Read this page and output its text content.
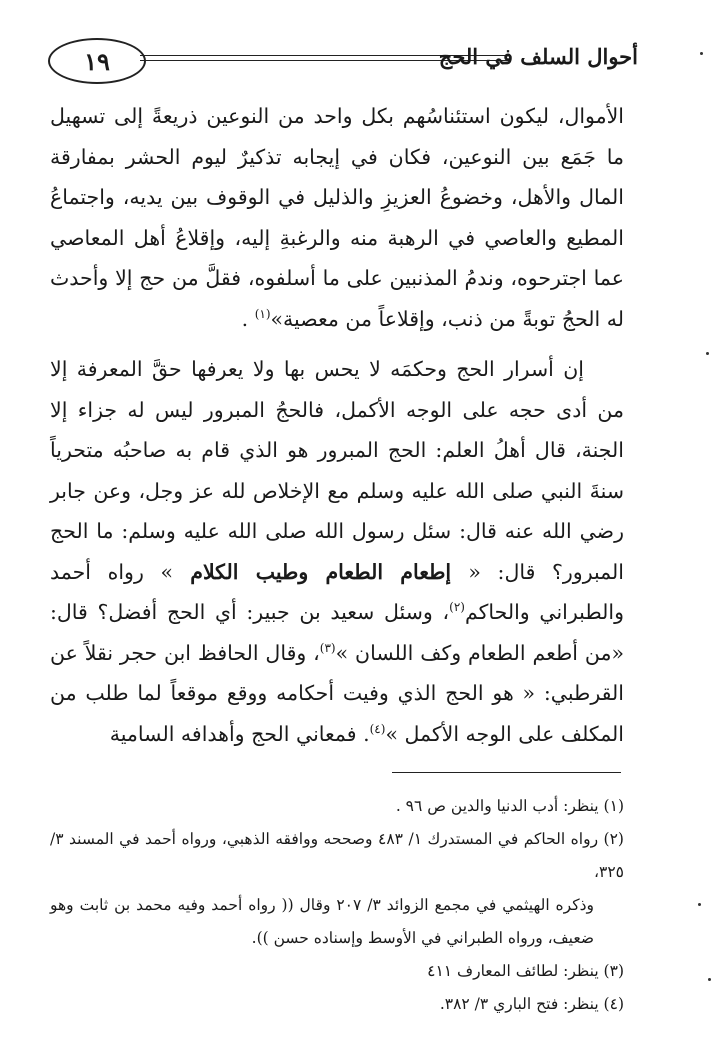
١٩	أحوال السلف في الحج

الأموال، ليكون استئناسُهم بكل واحد من النوعين ذريعةً إلى تسهيل ما جَمَع بين النوعين، فكان في إيجابه تذكيرٌ ليوم الحشر بمفارقة المال والأهل، وخضوعُ العزيزِ والذليل في الوقوف بين يديه، واجتماعُ المطيع والعاصي في الرهبة منه والرغبةِ إليه، وإقلاعُ أهل المعاصي عما اجترحوه، وندمُ المذنبين على ما أسلفوه، فقلَّ من حج إلا وأحدث له الحجُ توبةً من ذنب، وإقلاعاً من معصية»$^{(١)}$ .

إن أسرار الحج وحكمَه لا يحس بها ولا يعرفها حقَّ المعرفة إلا من أدى حجه على الوجه الأكمل، فالحجُ المبرور ليس له جزاء إلا الجنة، قال أهلُ العلم: الحج المبرور هو الذي قام به صاحبُه متحرياً سنةَ النبي صلى الله عليه وسلم مع الإخلاص لله عز وجل، وعن جابر رضي الله عنه قال: سئل رسول الله صلى الله عليه وسلم: ما الحج المبرور؟ قال: « إطعام الطعام وطيب الكلام » رواه أحمد والطبراني والحاكم$^{(٢)}$، وسئل سعيد بن جبير: أي الحج أفضل؟ قال: «من أطعم الطعام وكف اللسان »$^{(٣)}$، وقال الحافظ ابن حجر نقلاً عن القرطبي: « هو الحج الذي وفيت أحكامه ووقع موقعاً لما طلب من المكلف على الوجه الأكمل »$^{(٤)}$. فمعاني الحج وأهدافه السامية

(١) ينظر: أدب الدنيا والدين ص ٩٦ .

(٢) رواه الحاكم في المستدرك ١/ ٤٨٣ وصححه ووافقه الذهبي، ورواه أحمد في المسند ٣/ ٣٢٥،

وذكره الهيثمي في مجمع الزوائد ٣/ ٢٠٧ وقال (( رواه أحمد وفيه محمد بن ثابت وهو ضعيف، ورواه الطبراني في الأوسط وإسناده حسن )).

(٣) ينظر: لطائف المعارف ٤١١

(٤) ينظر: فتح الباري ٣/ ٣٨٢.
